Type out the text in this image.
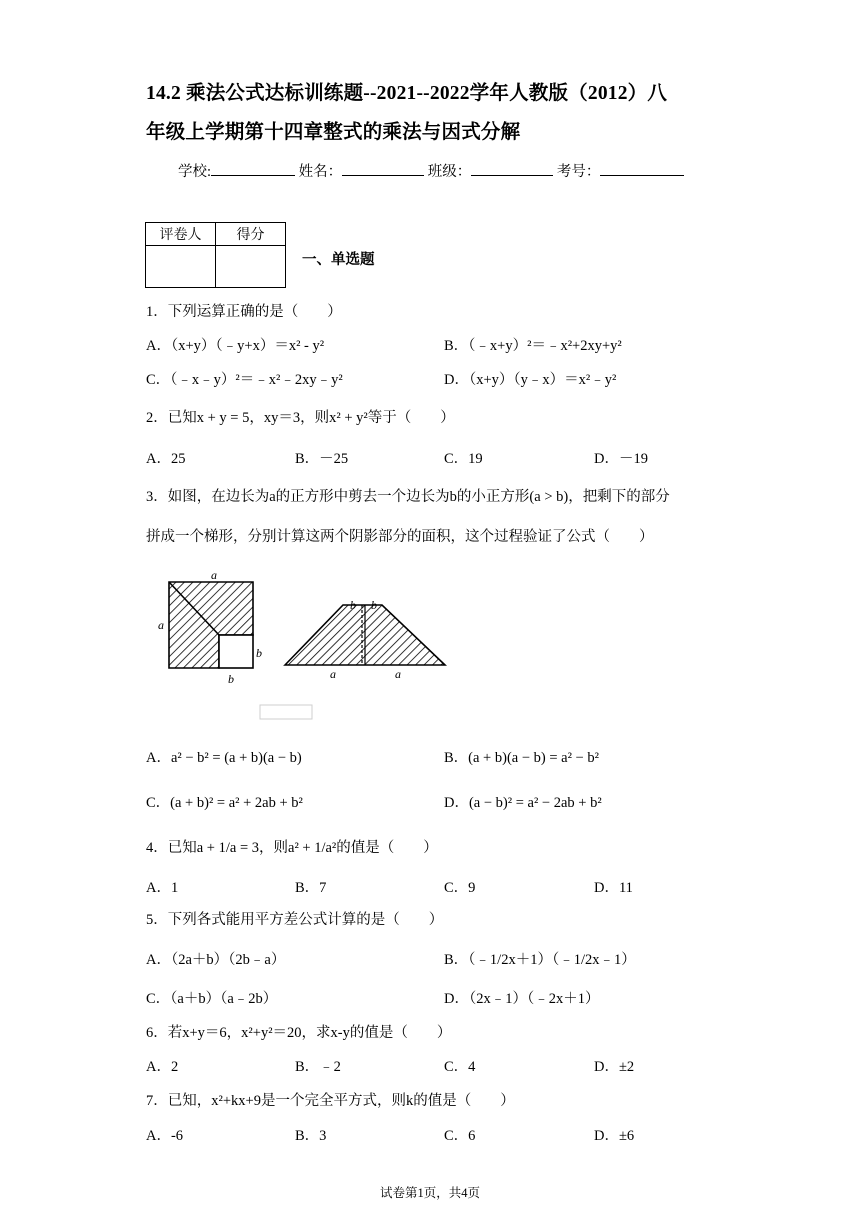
14.2 乘法公式达标训练题--2021--2022学年人教版（2012）八
年级上学期第十四章整式的乘法与因式分解
学校:	姓名：	班级：	考号：
评卷人	得分

一、单选题
1．下列运算正确的是（　　）
A．（x+y）（﹣y+x）＝x² - y²	B．（﹣x+y）²＝﹣x²+2xy+y²
C．（﹣x﹣y）²＝﹣x²﹣2xy﹣y²	D．（x+y）（y﹣x）＝x²﹣y²
2．已知x + y = 5，xy＝3，则x² + y²等于（　　）
A．25	B．－25	C．19	D．－19
3．如图，在边长为a的正方形中剪去一个边长为b的小正方形(a > b)，把剩下的部分
拼成一个梯形，分别计算这两个阴影部分的面积，这个过程验证了公式（　　）
a
a
b
b
b b
a	a
A．a² − b² = (a + b)(a − b)	B．(a + b)(a − b) = a² − b²
C．(a + b)² = a² + 2ab + b²	D．(a − b)² = a² − 2ab + b²
4．已知a + 1/a = 3，则a² + 1/a²的值是（　　）
A．1	B．7	C．9	D．11
5．下列各式能用平方差公式计算的是（　　）
A．（2a＋b）（2b﹣a）	B．（﹣1/2x＋1）（﹣1/2x﹣1）
C．（a＋b）（a﹣2b）	D．（2x﹣1）（﹣2x＋1）
6．若x+y＝6，x²+y²＝20，求x-y的值是（　　）
A．2	B．﹣2	C．4	D．±2
7．已知，x²+kx+9是一个完全平方式，则k的值是（　　）
A．-6	B．3	C．6	D．±6
试卷第1页，共4页
